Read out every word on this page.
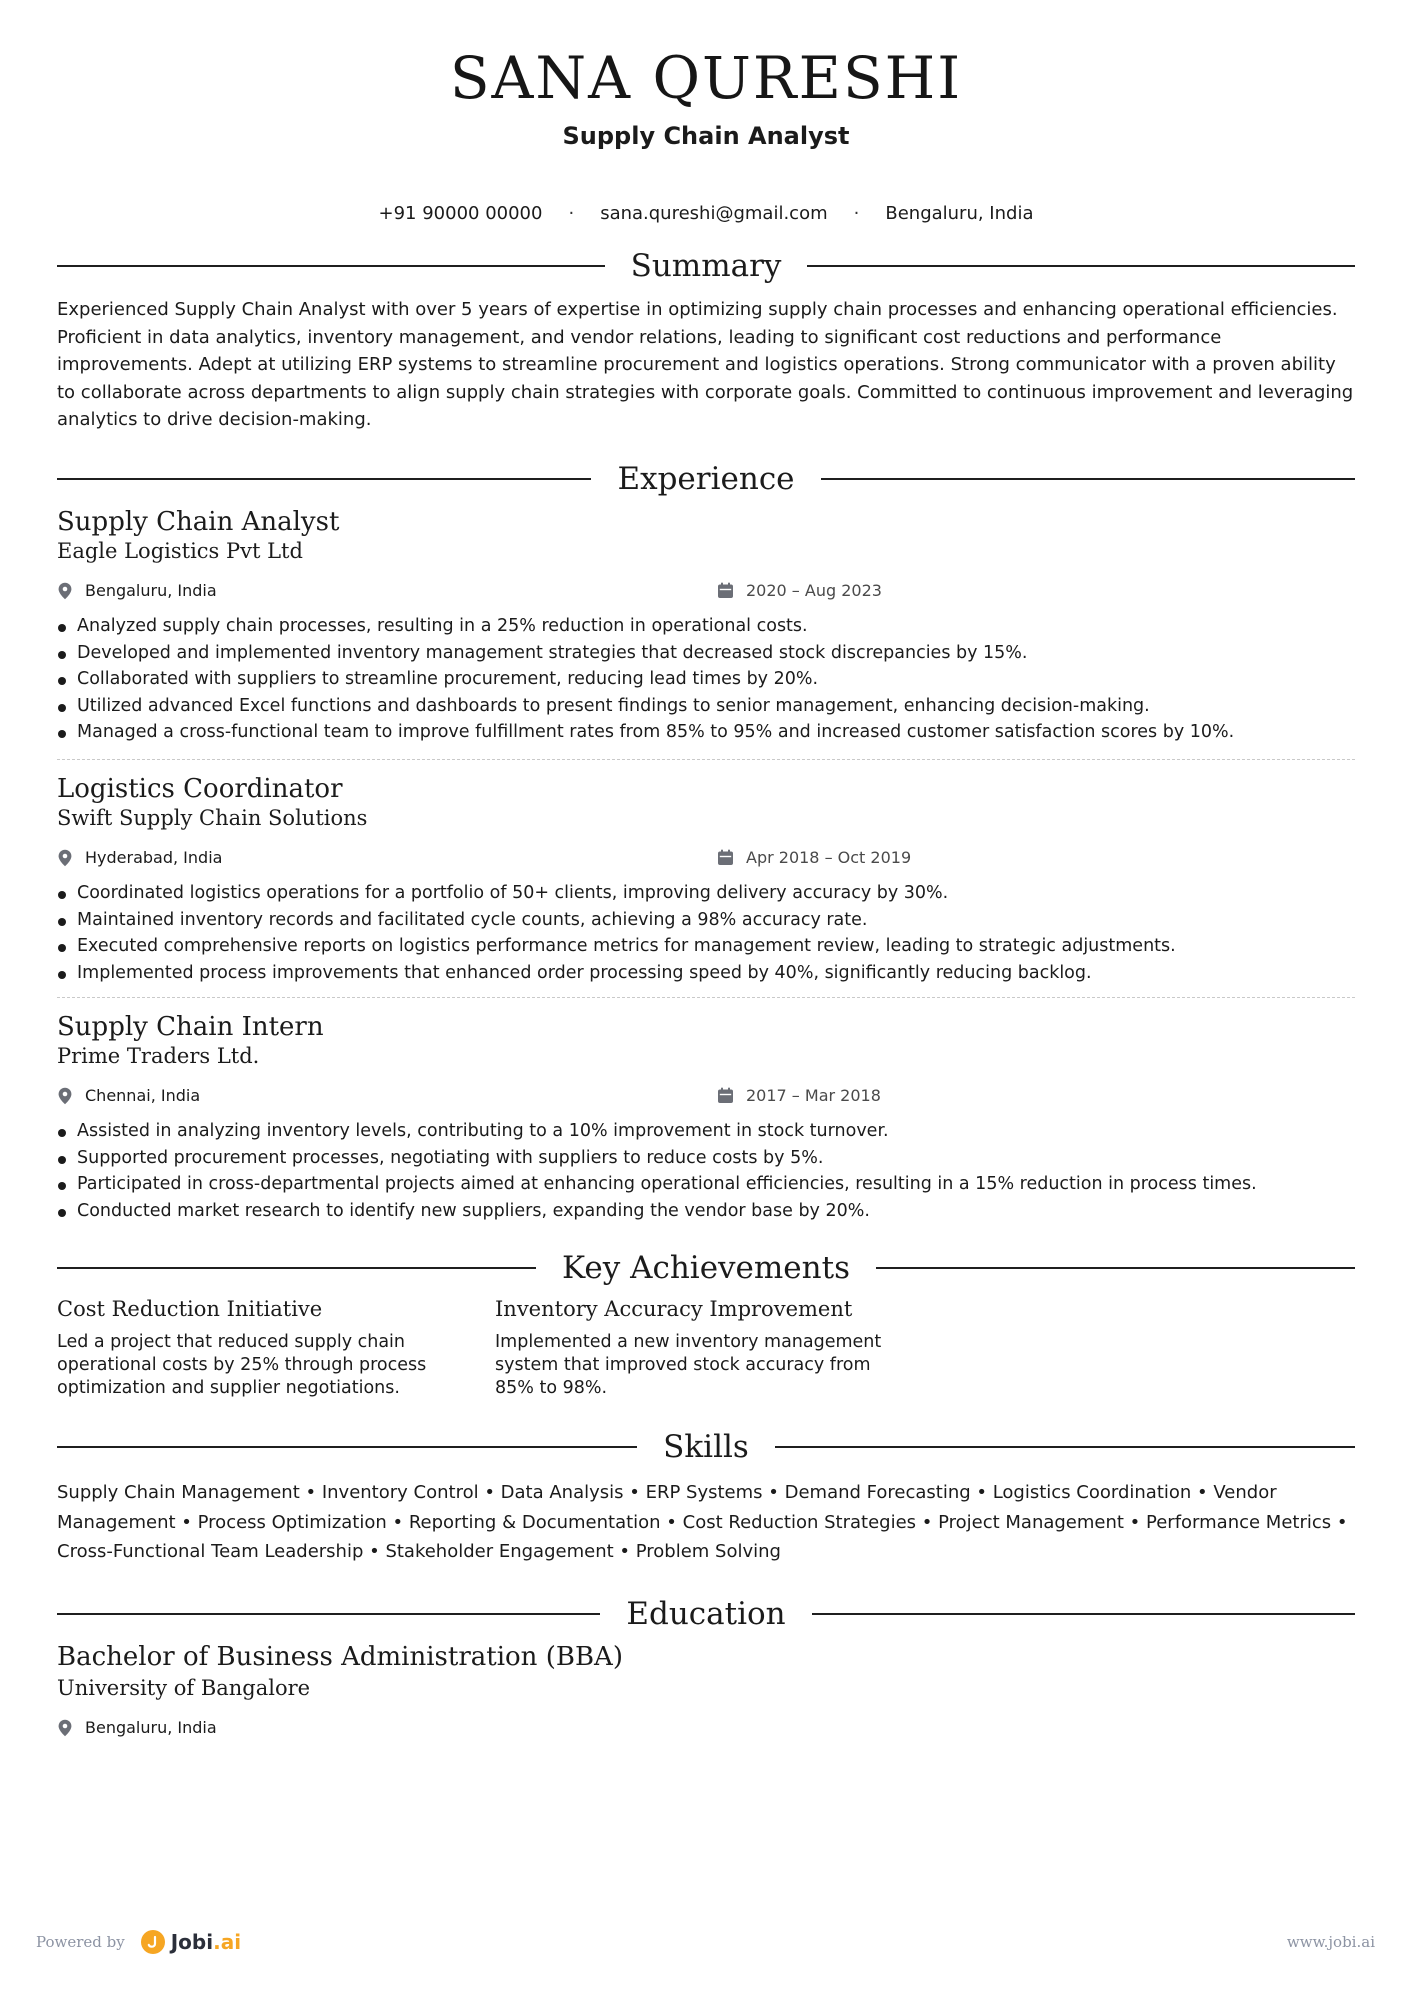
SANA QURESHI
Supply Chain Analyst
+91 90000 00000 · sana.qureshi@gmail.com · Bengaluru, India
Summary

Experienced Supply Chain Analyst with over 5 years of expertise in optimizing supply chain processes and enhancing operational efficiencies. Proficient in data analytics, inventory management, and vendor relations, leading to significant cost reductions and performance improvements. Adept at utilizing ERP systems to streamline procurement and logistics operations. Strong communicator with a proven ability to collaborate across departments to align supply chain strategies with corporate goals. Committed to continuous improvement and leveraging analytics to drive decision-making.

Experience
Supply Chain Analyst
Eagle Logistics Pvt Ltd
Bengaluru, India	2020 – Aug 2023
Analyzed supply chain processes, resulting in a 25% reduction in operational costs.
Developed and implemented inventory management strategies that decreased stock discrepancies by 15%.
Collaborated with suppliers to streamline procurement, reducing lead times by 20%.
Utilized advanced Excel functions and dashboards to present findings to senior management, enhancing decision-making.
Managed a cross-functional team to improve fulfillment rates from 85% to 95% and increased customer satisfaction scores by 10%.
Logistics Coordinator
Swift Supply Chain Solutions
Hyderabad, India	Apr 2018 – Oct 2019
Coordinated logistics operations for a portfolio of 50+ clients, improving delivery accuracy by 30%.
Maintained inventory records and facilitated cycle counts, achieving a 98% accuracy rate.
Executed comprehensive reports on logistics performance metrics for management review, leading to strategic adjustments.
Implemented process improvements that enhanced order processing speed by 40%, significantly reducing backlog.
Supply Chain Intern
Prime Traders Ltd.
Chennai, India	2017 – Mar 2018
Assisted in analyzing inventory levels, contributing to a 10% improvement in stock turnover.
Supported procurement processes, negotiating with suppliers to reduce costs by 5%.
Participated in cross-departmental projects aimed at enhancing operational efficiencies, resulting in a 15% reduction in process times.
Conducted market research to identify new suppliers, expanding the vendor base by 20%.
Key Achievements
Cost Reduction Initiative
Led a project that reduced supply chain operational costs by 25% through process optimization and supplier negotiations.
Inventory Accuracy Improvement
Implemented a new inventory management system that improved stock accuracy from 85% to 98%.
Skills

Supply Chain Management • Inventory Control • Data Analysis • ERP Systems • Demand Forecasting • Logistics Coordination • Vendor Management • Process Optimization • Reporting & Documentation • Cost Reduction Strategies • Project Management • Performance Metrics • Cross-Functional Team Leadership • Stakeholder Engagement • Problem Solving

Education
Bachelor of Business Administration (BBA)
University of Bangalore
Bengaluru, India
Powered by Jobi.ai	www.jobi.ai
